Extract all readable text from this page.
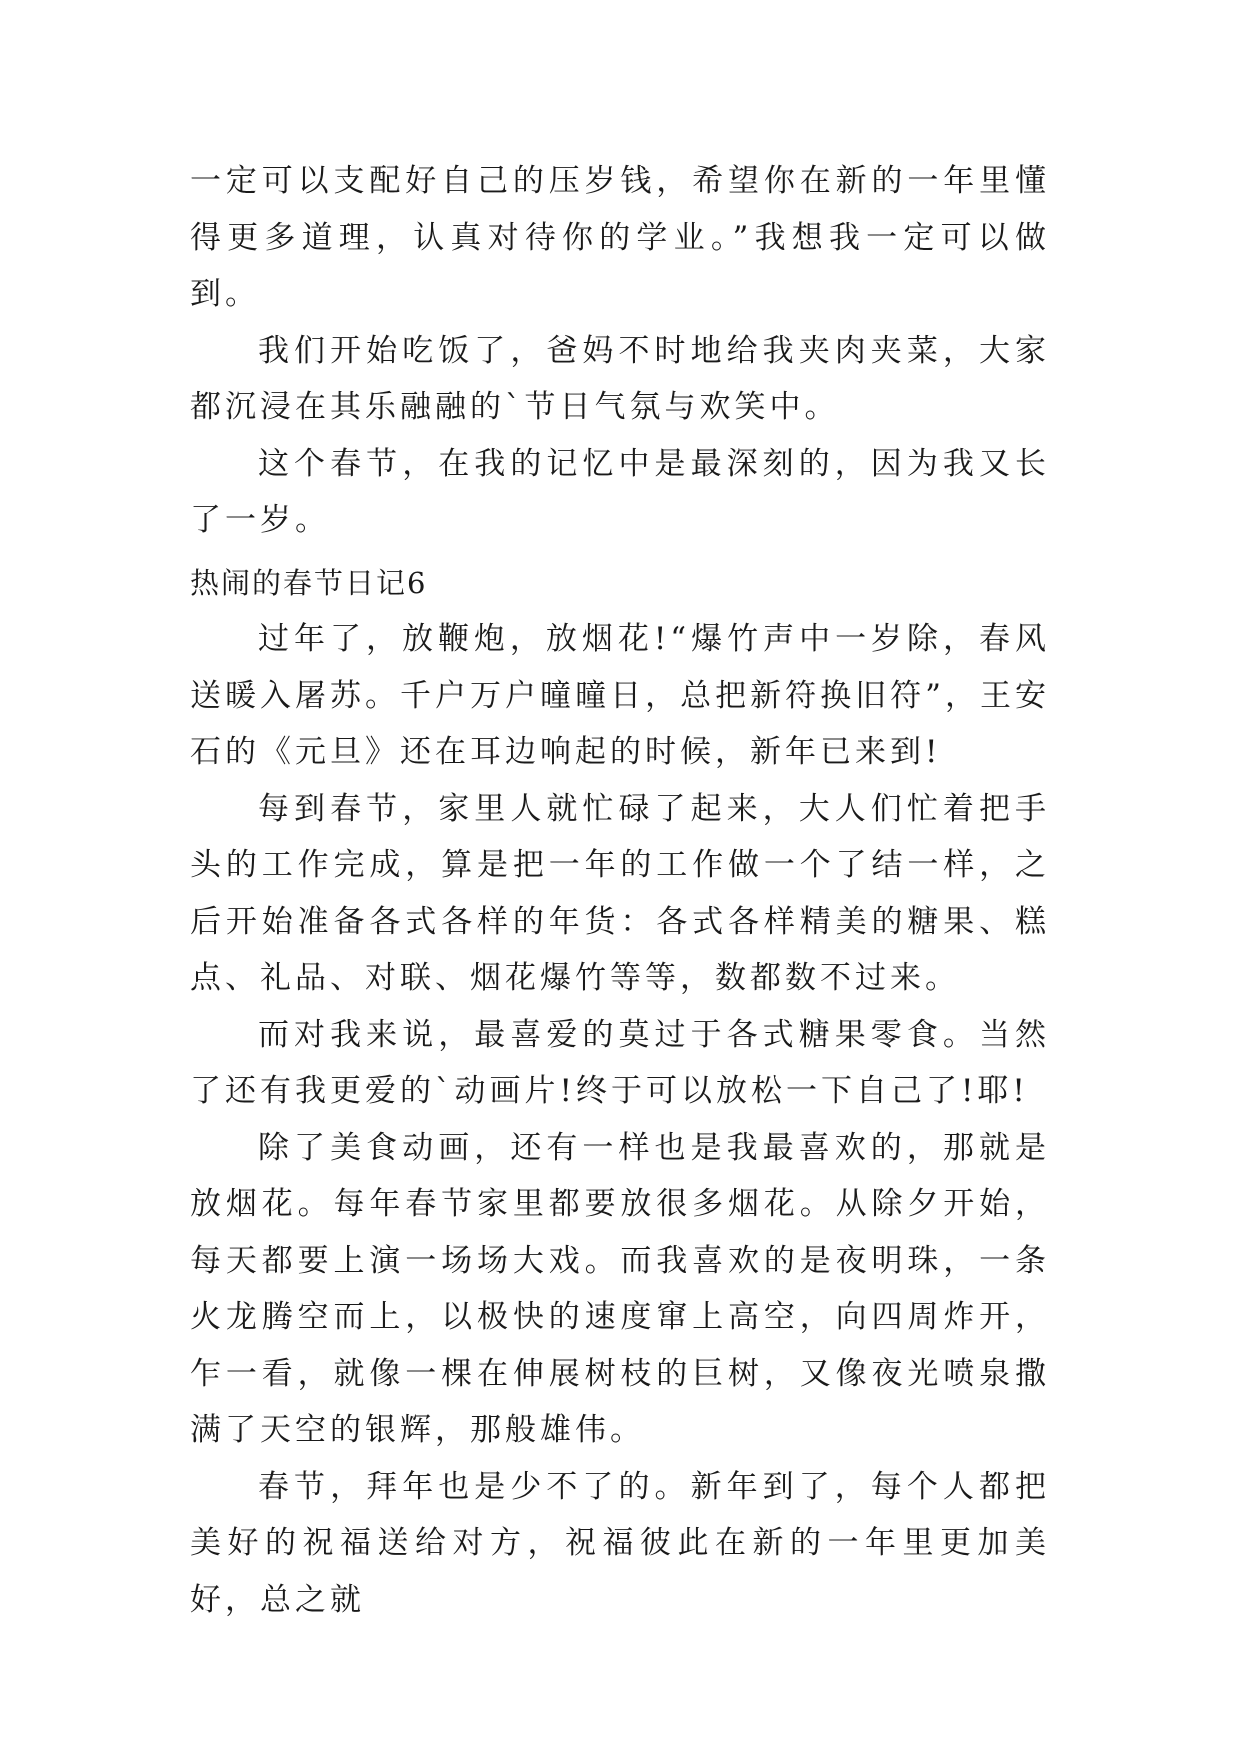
一定可以支配好自己的压岁钱，希望你在新的一年里懂得更多道理，认真对待你的学业。”我想我一定可以做到。

我们开始吃饭了，爸妈不时地给我夹肉夹菜，大家都沉浸在其乐融融的`节日气氛与欢笑中。

这个春节，在我的记忆中是最深刻的，因为我又长了一岁。

热闹的春节日记6

过年了，放鞭炮，放烟花!“爆竹声中一岁除，春风送暖入屠苏。千户万户曈曈日，总把新符换旧符”，王安石的《元旦》还在耳边响起的时候，新年已来到!

每到春节，家里人就忙碌了起来，大人们忙着把手头的工作完成，算是把一年的工作做一个了结一样，之后开始准备各式各样的年货：各式各样精美的糖果、糕点、礼品、对联、烟花爆竹等等，数都数不过来。

而对我来说，最喜爱的莫过于各式糖果零食。当然了还有我更爱的`动画片!终于可以放松一下自己了!耶!

除了美食动画，还有一样也是我最喜欢的，那就是放烟花。每年春节家里都要放很多烟花。从除夕开始，每天都要上演一场场大戏。而我喜欢的是夜明珠，一条火龙腾空而上，以极快的速度窜上高空，向四周炸开，乍一看，就像一棵在伸展树枝的巨树，又像夜光喷泉撒满了天空的银辉，那般雄伟。

春节，拜年也是少不了的。新年到了，每个人都把美好的祝福送给对方，祝福彼此在新的一年里更加美好，总之就
